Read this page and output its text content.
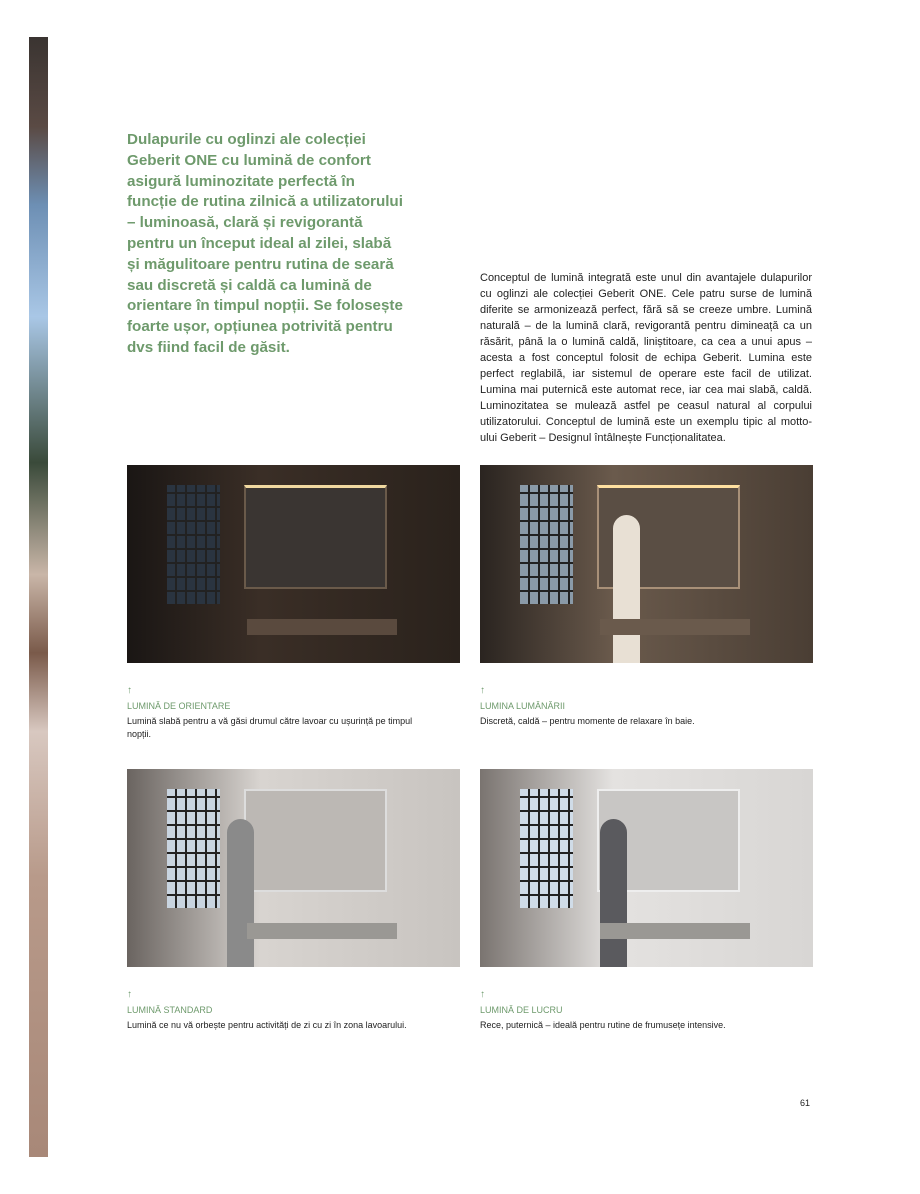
Dulapurile cu oglinzi ale colecției Geberit ONE cu lumină de confort asigură luminozitate perfectă în funcție de rutina zilnică a utilizatorului – luminoasă, clară și revigorantă pentru un început ideal al zilei, slabă și măgulitoare pentru rutina de seară sau discretă și caldă ca lumină de orientare în timpul nopții. Se folosește foarte ușor, opțiunea potrivită pentru dvs fiind facil de găsit.
Conceptul de lumină integrată este unul din avantajele dulapurilor cu oglinzi ale colecției Geberit ONE. Cele patru surse de lumină diferite se armonizează perfect, fără să se creeze umbre. Lumină naturală – de la lumină clară, revigorantă pentru dimineață ca un răsărit, până la o lumină caldă, liniștitoare, ca cea a unui apus – acesta a fost conceptul folosit de echipa Geberit. Lumina este perfect reglabilă, iar sistemul de operare este facil de utilizat. Lumina mai puternică este automat rece, iar cea mai slabă, caldă. Luminozitatea se mulează astfel pe ceasul natural al corpului utilizatorului. Conceptul de lumină este un exemplu tipic al motto-ului Geberit – Designul întâlnește Funcționalitatea.
↑
LUMINĂ DE ORIENTARE
Lumină slabă pentru a vă găsi drumul către lavoar cu ușurință pe timpul nopții.
↑
LUMINA LUMÂNĂRII
Discretă, caldă – pentru momente de relaxare în baie.
↑
LUMINĂ STANDARD
Lumină ce nu vă orbește pentru activități de zi cu zi în zona lavoarului.
↑
LUMINĂ DE LUCRU
Rece, puternică – ideală pentru rutine de frumusețe intensive.
61
